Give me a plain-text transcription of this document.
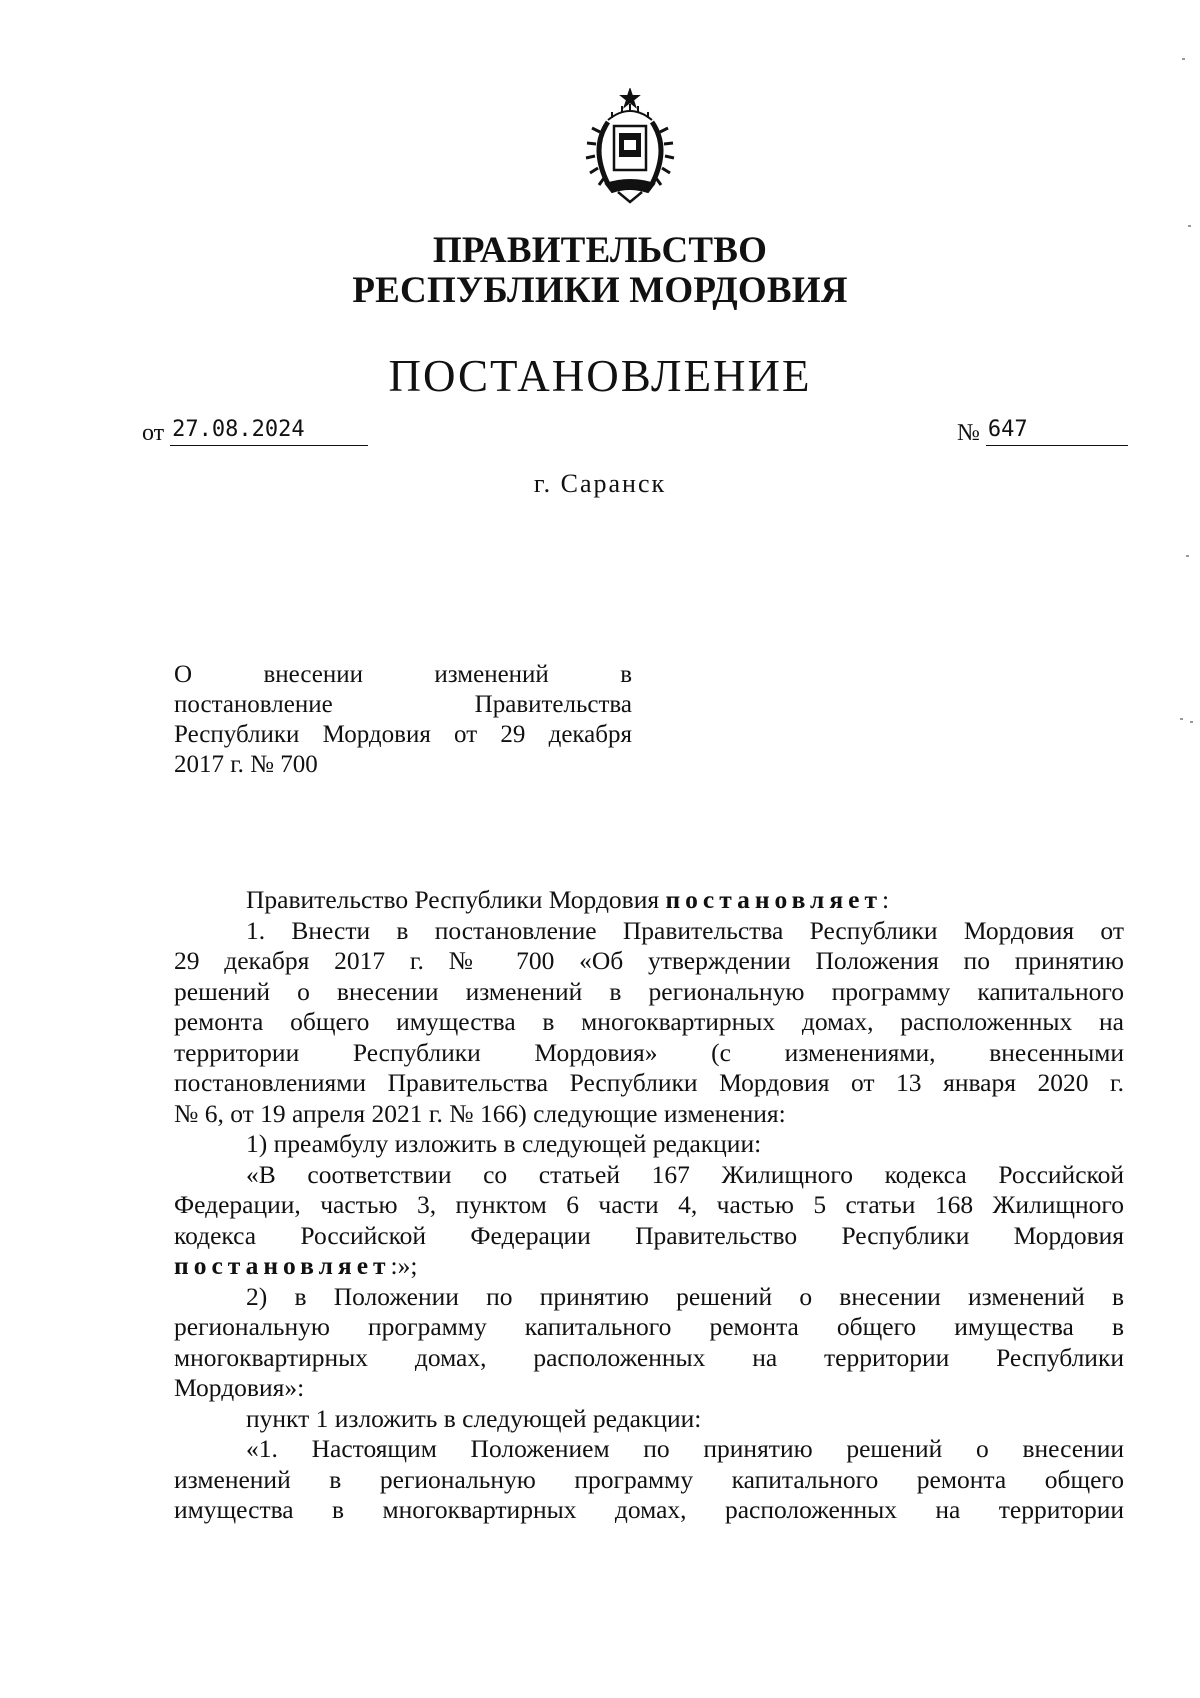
ПРАВИТЕЛЬСТВО
РЕСПУБЛИКИ МОРДОВИЯ
ПОСТАНОВЛЕНИЕ
от 27.08.2024	№ 647
г. Саранск
О внесении изменений в
постановление Правительства
Республики Мордовия от 29 декабря
2017 г. № 700
Правительство Республики Мордовия постановляет:
1. Внести в постановление Правительства Республики Мордовия от
29 декабря 2017 г. № 700 «Об утверждении Положения по принятию
решений о внесении изменений в региональную программу капитального
ремонта общего имущества в многоквартирных домах, расположенных на
территории Республики Мордовия» (с изменениями, внесенными
постановлениями Правительства Республики Мордовия от 13 января 2020 г.
№ 6, от 19 апреля 2021 г. № 166) следующие изменения:
1) преамбулу изложить в следующей редакции:
«В соответствии со статьей 167 Жилищного кодекса Российской
Федерации, частью 3, пунктом 6 части 4, частью 5 статьи 168 Жилищного
кодекса Российской Федерации Правительство Республики Мордовия
постановляет:»;
2) в Положении по принятию решений о внесении изменений в
региональную программу капитального ремонта общего имущества в
многоквартирных домах, расположенных на территории Республики
Мордовия»:
пункт 1 изложить в следующей редакции:
«1. Настоящим Положением по принятию решений о внесении
изменений в региональную программу капитального ремонта общего
имущества в многоквартирных домах, расположенных на территории
